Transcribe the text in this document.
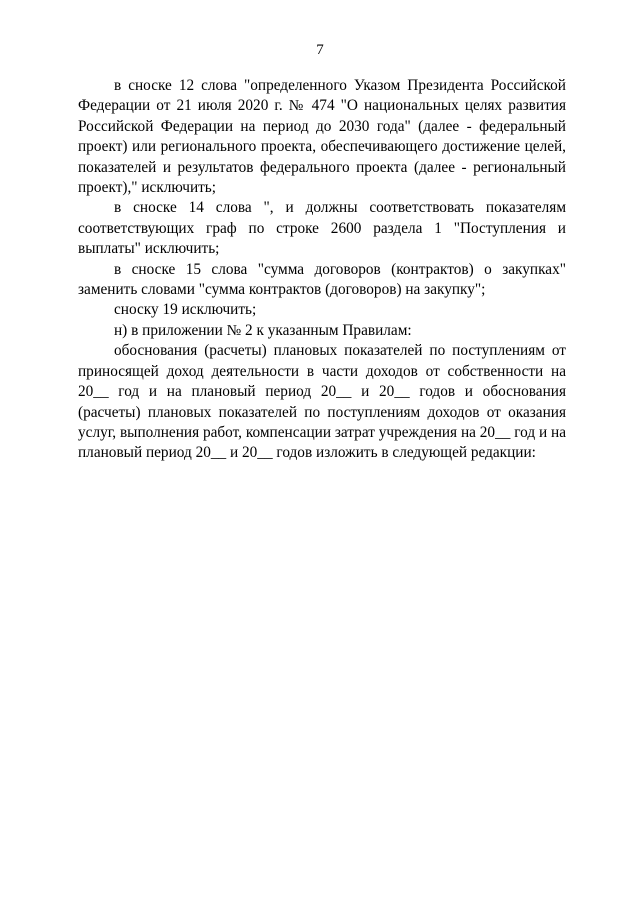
7

в сноске 12 слова "определенного Указом Президента Российской Федерации от 21 июля 2020 г. № 474 "О национальных целях развития Российской Федерации на период до 2030 года" (далее - федеральный проект) или регионального проекта, обеспечивающего достижение целей, показателей и результатов федерального проекта (далее - региональный проект)," исключить;

в сноске 14 слова ", и должны соответствовать показателям соответствующих граф по строке 2600 раздела 1 "Поступления и выплаты" исключить;

в сноске 15 слова "сумма договоров (контрактов) о закупках" заменить словами "сумма контрактов (договоров) на закупку";

сноску 19 исключить;

н) в приложении № 2 к указанным Правилам:

обоснования (расчеты) плановых показателей по поступлениям от приносящей доход деятельности в части доходов от собственности на 20__ год и на плановый период 20__ и 20__ годов и обоснования (расчеты) плановых показателей по поступлениям доходов от оказания услуг, выполнения работ, компенсации затрат учреждения на 20__ год и на плановый период 20__ и 20__ годов изложить в следующей редакции:
